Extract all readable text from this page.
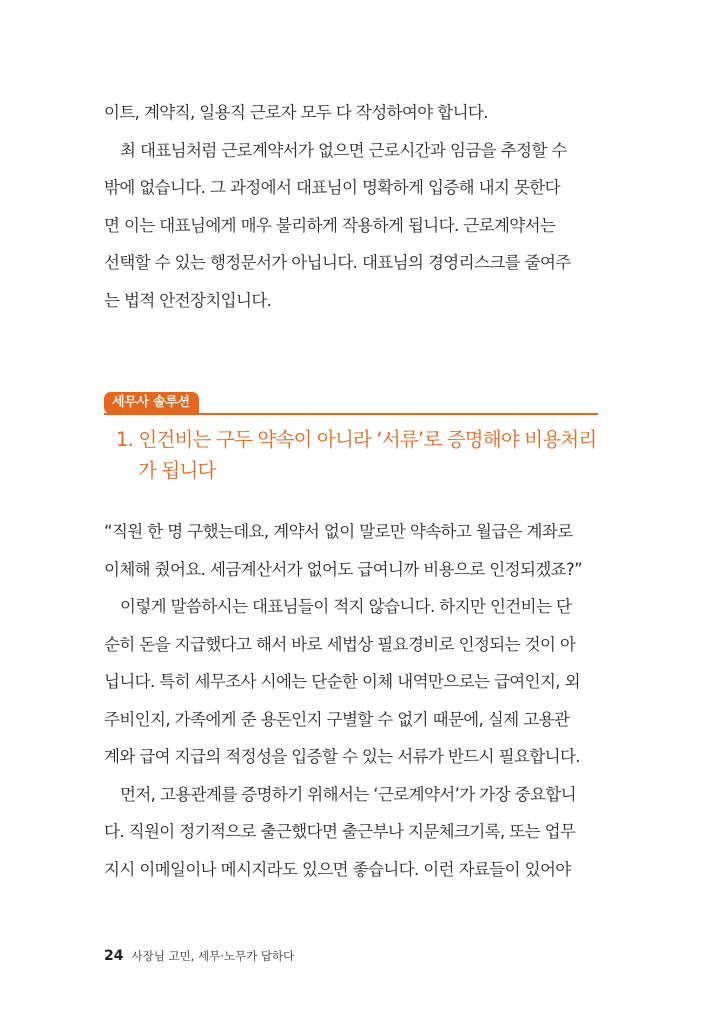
이트, 계약직, 일용직 근로자 모두 다 작성하여야 합니다.
최 대표님처럼 근로계약서가 없으면 근로시간과 임금을 추정할 수
밖에 없습니다. 그 과정에서 대표님이 명확하게 입증해 내지 못한다
면 이는 대표님에게 매우 불리하게 작용하게 됩니다. 근로계약서는
선택할 수 있는 행정문서가 아닙니다. 대표님의 경영리스크를 줄여주
는 법적 안전장치입니다.
세무사 솔루션
1. 인건비는 구두 약속이 아니라 ‘서류’로 증명해야 비용처리
가 됩니다
“직원 한 명 구했는데요, 계약서 없이 말로만 약속하고 월급은 계좌로
이체해 줬어요. 세금계산서가 없어도 급여니까 비용으로 인정되겠죠?”
이렇게 말씀하시는 대표님들이 적지 않습니다. 하지만 인건비는 단
순히 돈을 지급했다고 해서 바로 세법상 필요경비로 인정되는 것이 아
닙니다. 특히 세무조사 시에는 단순한 이체 내역만으로는 급여인지, 외
주비인지, 가족에게 준 용돈인지 구별할 수 없기 때문에, 실제 고용관
계와 급여 지급의 적정성을 입증할 수 있는 서류가 반드시 필요합니다.
먼저, 고용관계를 증명하기 위해서는 ‘근로계약서’가 가장 중요합니
다. 직원이 정기적으로 출근했다면 출근부나 지문체크기록, 또는 업무
지시 이메일이나 메시지라도 있으면 좋습니다. 이런 자료들이 있어야
24 사장님 고민, 세무·노무가 답하다
